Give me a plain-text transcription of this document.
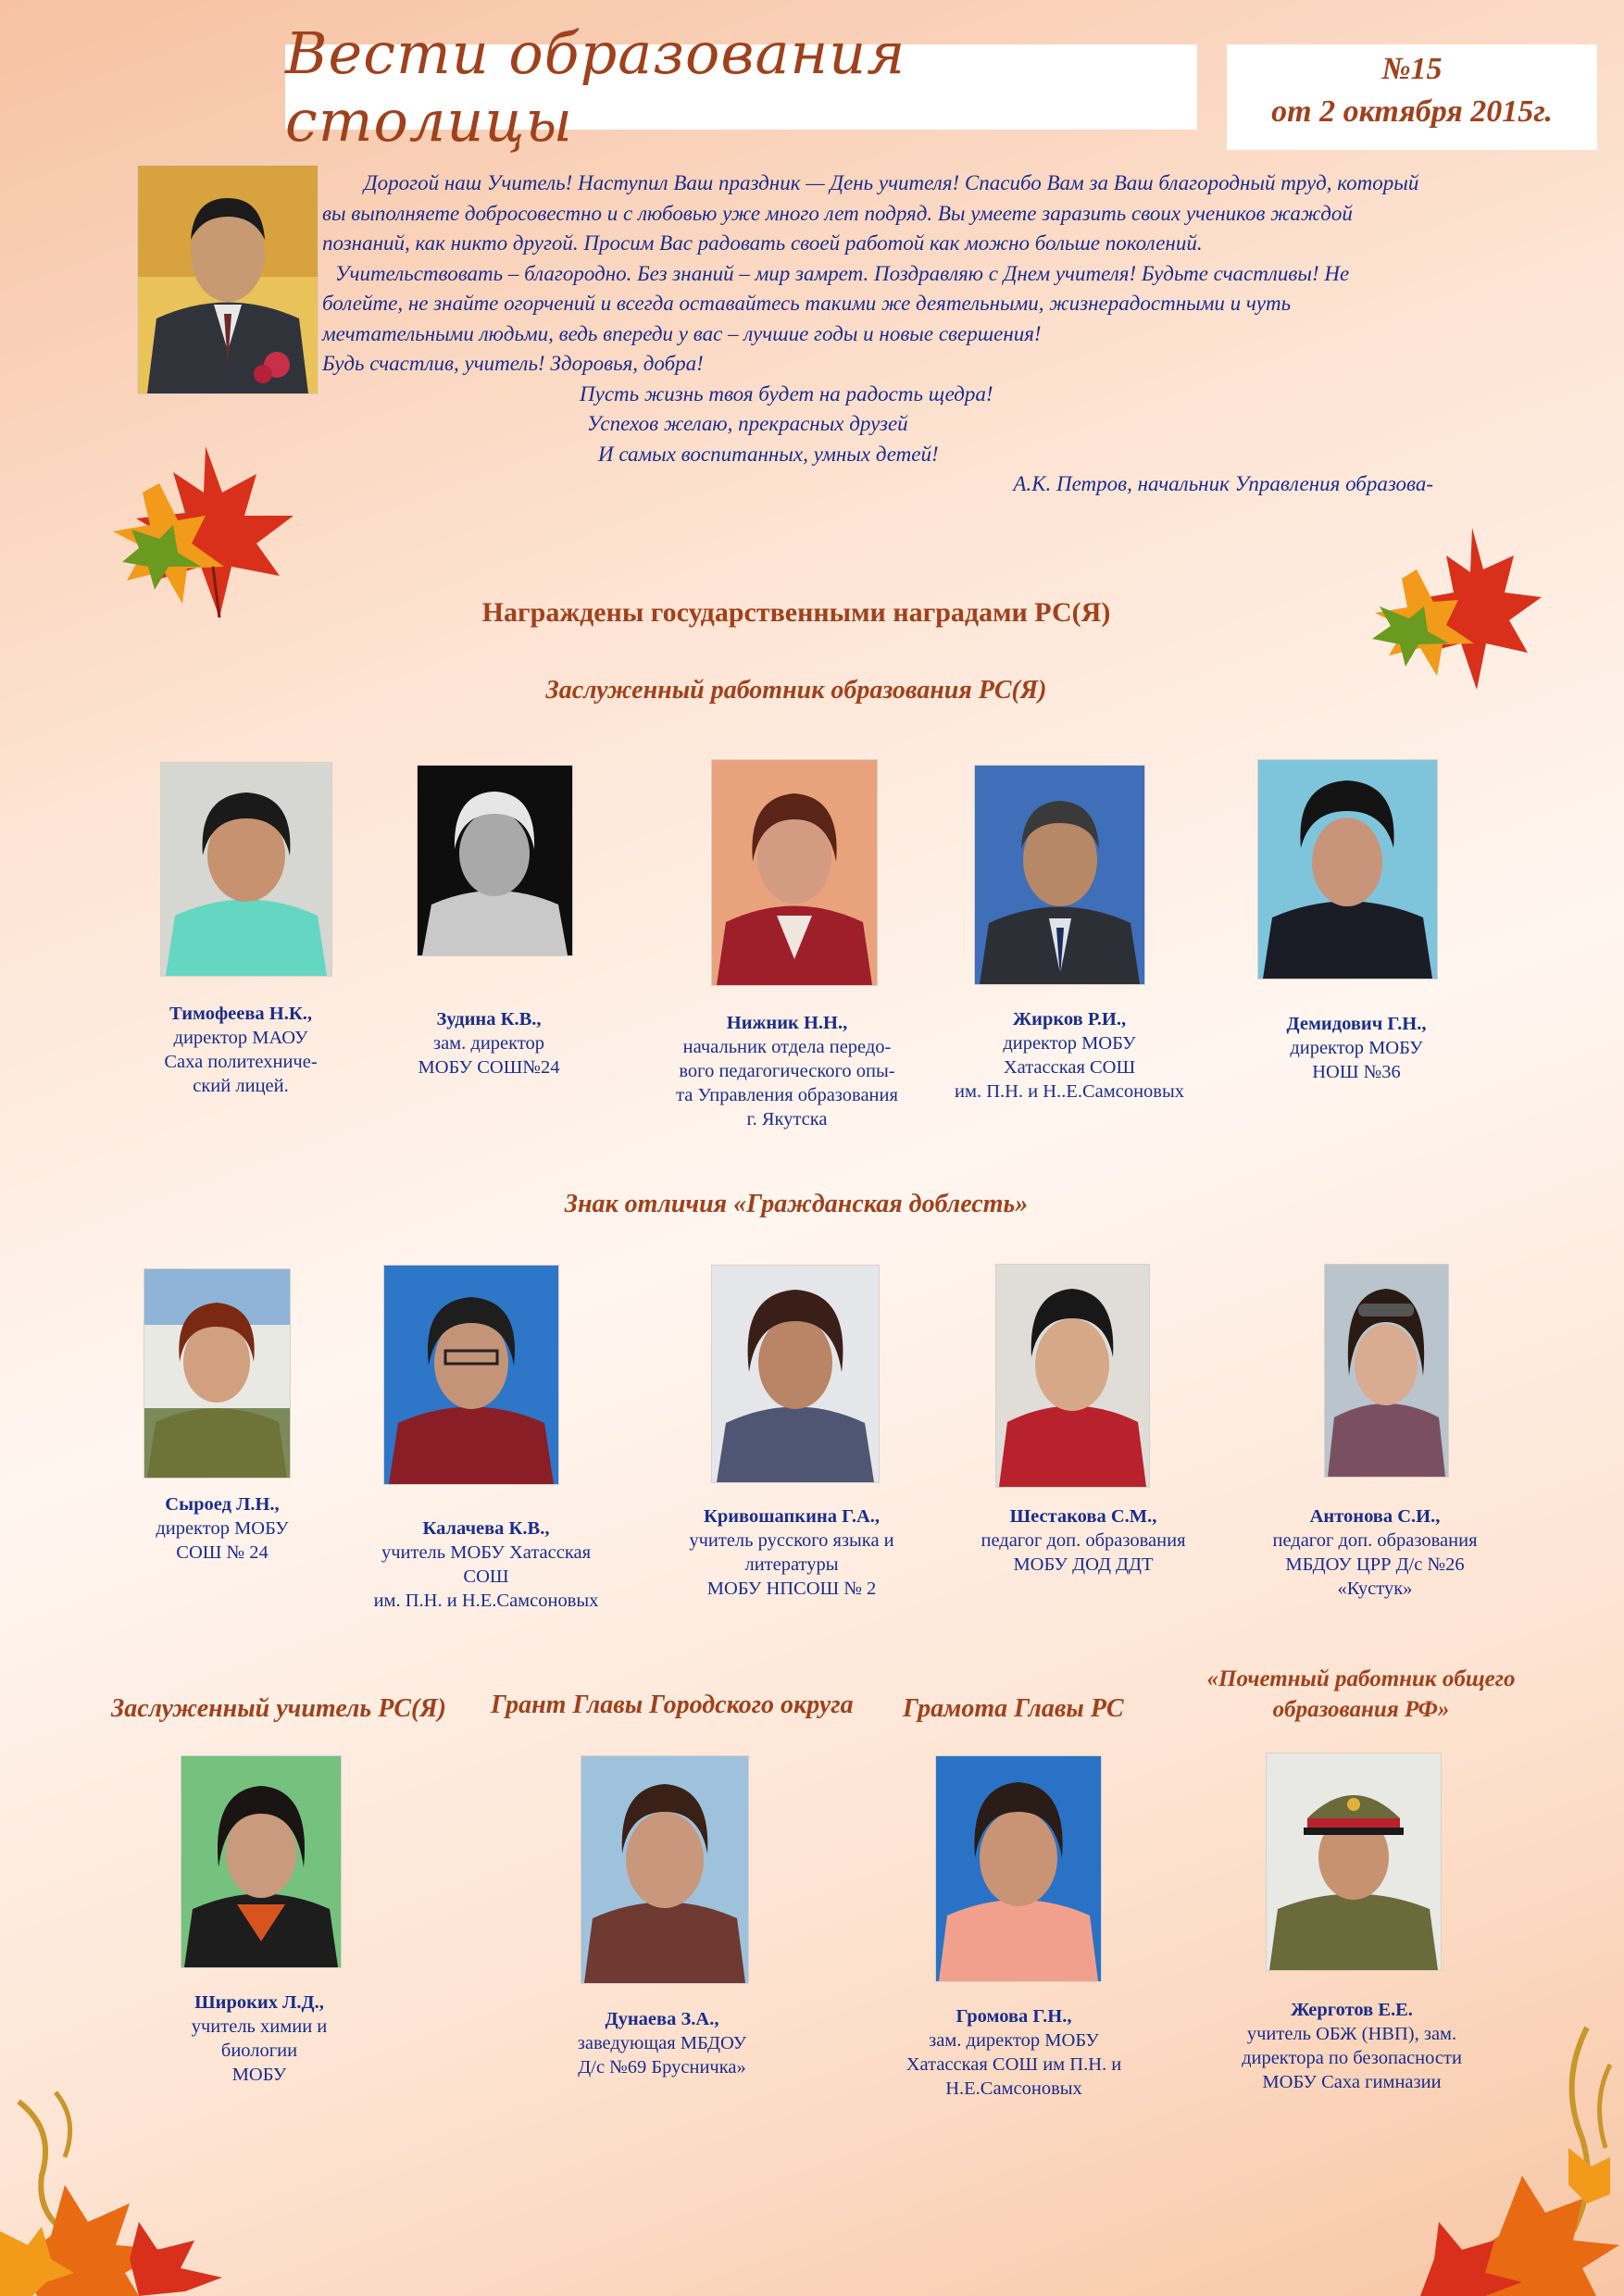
Вести образования столицы
№15
от 2 октября 2015г.

Дорогой наш Учитель! Наступил Ваш праздник — День учителя! Спасибо Вам за Ваш благородный труд, который вы выполняете добросовестно и с любовью уже много лет подряд. Вы умеете заразить своих учеников жаждой познаний, как никто другой. Просим Вас радовать своей работой как можно больше поколений.

Учительствовать – благородно. Без знаний – мир замрет. Поздравляю с Днем учителя! Будьте счастливы! Не болейте, не знайте огорчений и всегда оставайтесь такими же деятельными, жизнерадостными и чуть мечтательными людьми, ведь впереди у вас – лучшие годы и новые свершения!

Будь счастлив, учитель! Здоровья, добра!

Пусть жизнь твоя будет на радость щедра!

Успехов желаю, прекрасных друзей

И самых воспитанных, умных детей!

А.К. Петров, начальник Управления образова-

Награждены государственными наградами РС(Я)
Заслуженный работник образования РС(Я)
Тимофеева Н.К.,
директор МАОУ
Саха политехниче-
ский лицей.
Зудина К.В.,
зам. директор
МОБУ СОШ№24
Нижник Н.Н.,
начальник отдела передо-
вого педагогического опы-
та Управления образования
г. Якутска
Жирков Р.И.,
директор МОБУ
Хатасская СОШ
им. П.Н. и Н..Е.Самсоновых
Демидович Г.Н.,
директор МОБУ
НОШ №36
Знак отличия «Гражданская доблесть»
Сыроед Л.Н.,
директор МОБУ
СОШ № 24
Калачева К.В.,
учитель МОБУ Хатасская
СОШ
им. П.Н. и Н.Е.Самсоновых
Кривошапкина Г.А.,
учитель русского языка и
литературы
МОБУ НПСОШ № 2
Шестакова С.М.,
педагог доп. образования
МОБУ ДОД ДДТ
Антонова С.И.,
педагог доп. образования
МБДОУ ЦРР Д/с №26
«Кустук»
Заслуженный учитель РС(Я)	Грант Главы Городского округа	Грамота Главы РС
«Почетный работник общего
образования РФ»
Широких Л.Д.,
учитель химии и
биологии
МОБУ
Дунаева З.А.,
заведующая МБДОУ
Д/с №69 Брусничка»
Громова Г.Н.,
зам. директор МОБУ
Хатасская СОШ им П.Н. и
Н.Е.Самсоновых
Жерготов Е.Е.
учитель ОБЖ (НВП), зам.
директора по безопасности
МОБУ Саха гимназии
